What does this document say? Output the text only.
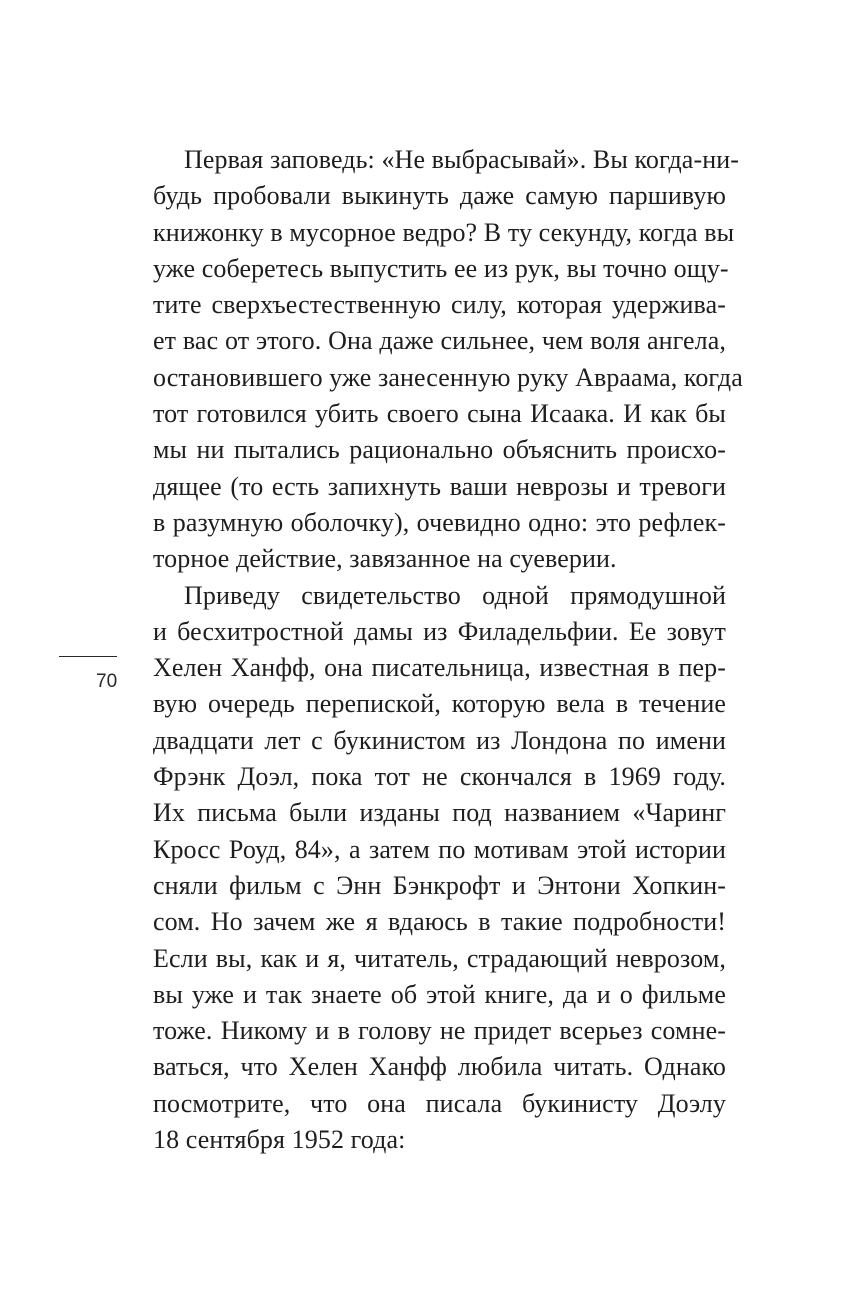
Первая заповедь: «Не выбрасывай». Вы когда-ни-
будь пробовали выкинуть даже самую паршивую
книжонку в мусорное ведро? В ту секунду, когда вы
уже соберетесь выпустить ее из рук, вы точно ощу-
тите сверхъестественную силу, которая удержива-
ет вас от этого. Она даже сильнее, чем воля ангела,
остановившего уже занесенную руку Авраама, когда
тот готовился убить своего сына Исаака. И как бы
мы ни пытались рационально объяснить происхо-
дящее (то есть запихнуть ваши неврозы и тревоги
в разумную оболочку), очевидно одно: это рефлек-
торное действие, завязанное на суеверии.
Приведу свидетельство одной прямодушной
и бесхитростной дамы из Филадельфии. Ее зовут
Хелен Ханфф, она писательница, известная в пер-
вую очередь перепиской, которую вела в течение
двадцати лет с букинистом из Лондона по имени
Фрэнк Доэл, пока тот не скончался в 1969 году.
Их письма были изданы под названием «Чаринг
Кросс Роуд, 84», а затем по мотивам этой истории
сняли фильм с Энн Бэнкрофт и Энтони Хопкин-
сом. Но зачем же я вдаюсь в такие подробности!
Если вы, как и я, читатель, страдающий неврозом,
вы уже и так знаете об этой книге, да и о фильме
тоже. Никому и в голову не придет всерьез сомне-
ваться, что Хелен Ханфф любила читать. Однако
посмотрите, что она писала букинисту Доэлу
18 сентября 1952 года:
70
